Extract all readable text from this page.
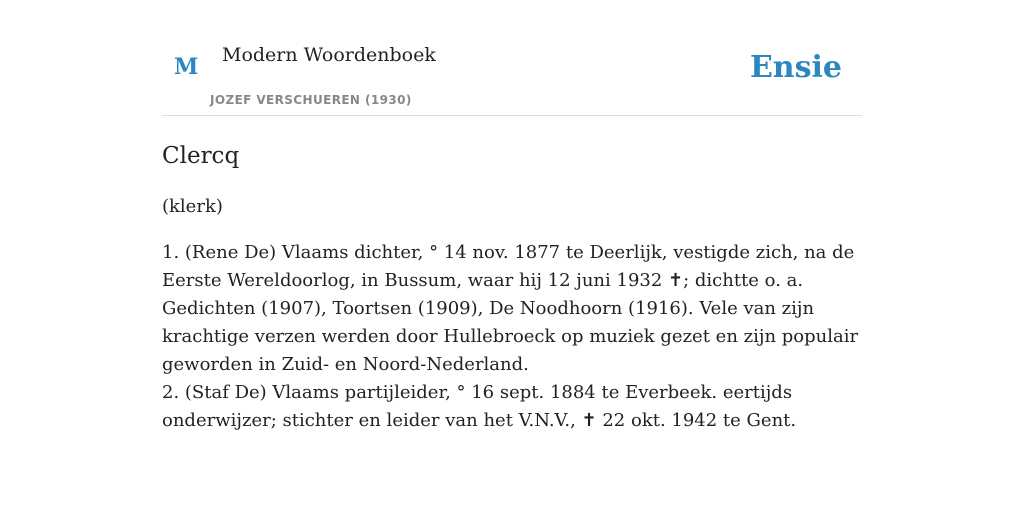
M Modern Woordenboek
JOZEF VERSCHUEREN (1930)
Ensie
Clercq
(klerk)

1. (Rene De) Vlaams dichter, ° 14 nov. 1877 te Deerlijk, vestigde zich, na de Eerste Wereldoorlog, in Bussum, waar hij 12 juni 1932 ✝; dichtte o. a. Gedichten (1907), Toortsen (1909), De Noodhoorn (1916). Vele van zijn krachtige verzen werden door Hullebroeck op muziek gezet en zijn populair geworden in Zuid- en Noord-Nederland.

2. (Staf De) Vlaams partijleider, ° 16 sept. 1884 te Everbeek. eertijds onderwijzer; stichter en leider van het V.N.V., ✝ 22 okt. 1942 te Gent.
